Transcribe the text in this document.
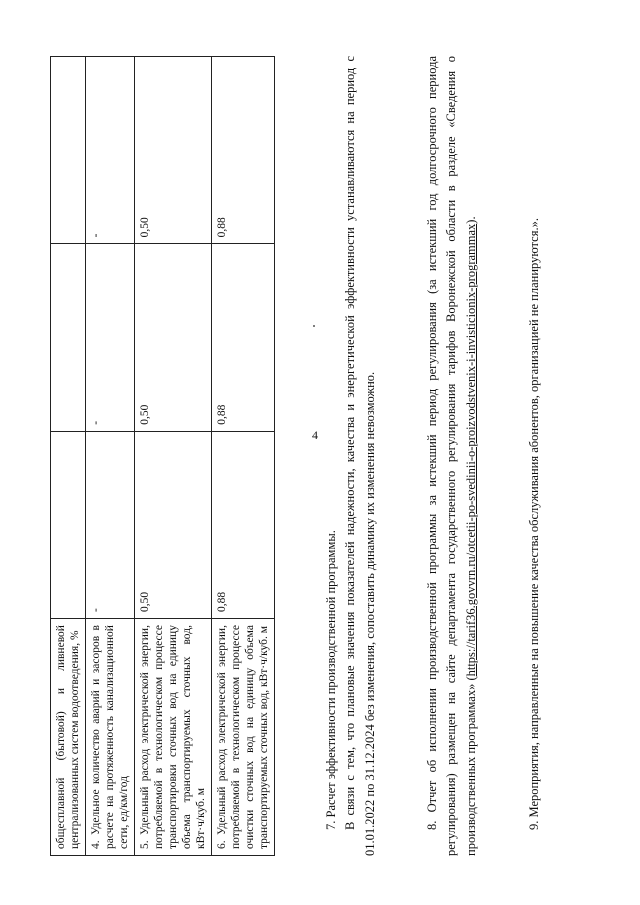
4
общесплавной (бытовой) и ливневой централизованных систем водоотведения, %			
4. Удельное количество аварий и засоров в расчете на протяженность канализационной сети, ед/км/год	-	-	-
5. Удельный расход электрической энергии, потребляемой в технологическом процессе транспортировки сточных вод на единицу объема транспортируемых сточных вод, кВт·ч/куб. м	0,50	0,50	0,50
6. Удельный расход электрической энергии, потребляемой в технологическом процессе очистки сточных вод на единицу объема транспортируемых сточных вод, кВт·ч/куб. м	0,88	0,88	0,88

7. Расчет эффективности производственной программы. В связи с тем, что плановые значения показателей надежности, качества и энергетической эффективности устанавливаются на период с 01.01.2022 по 31.12.2024 без изменения, сопоставить динамику их изменения невозможно.	8. Отчет об исполнении производственной программы за истекший период регулирования (за истекший год долгосрочного периода регулирования) размещен на сайте департамента государственного регулирования тарифов Воронежской области в разделе «Сведения о производственных программах» (https://tarif36.govvrn.ru/otcetii-po-svedinii-o-proizvodstvenix-i-invisticionix-programmax).	9. Мероприятия, направленные на повышение качества обслуживания абонентов, организацией не планируются.».
